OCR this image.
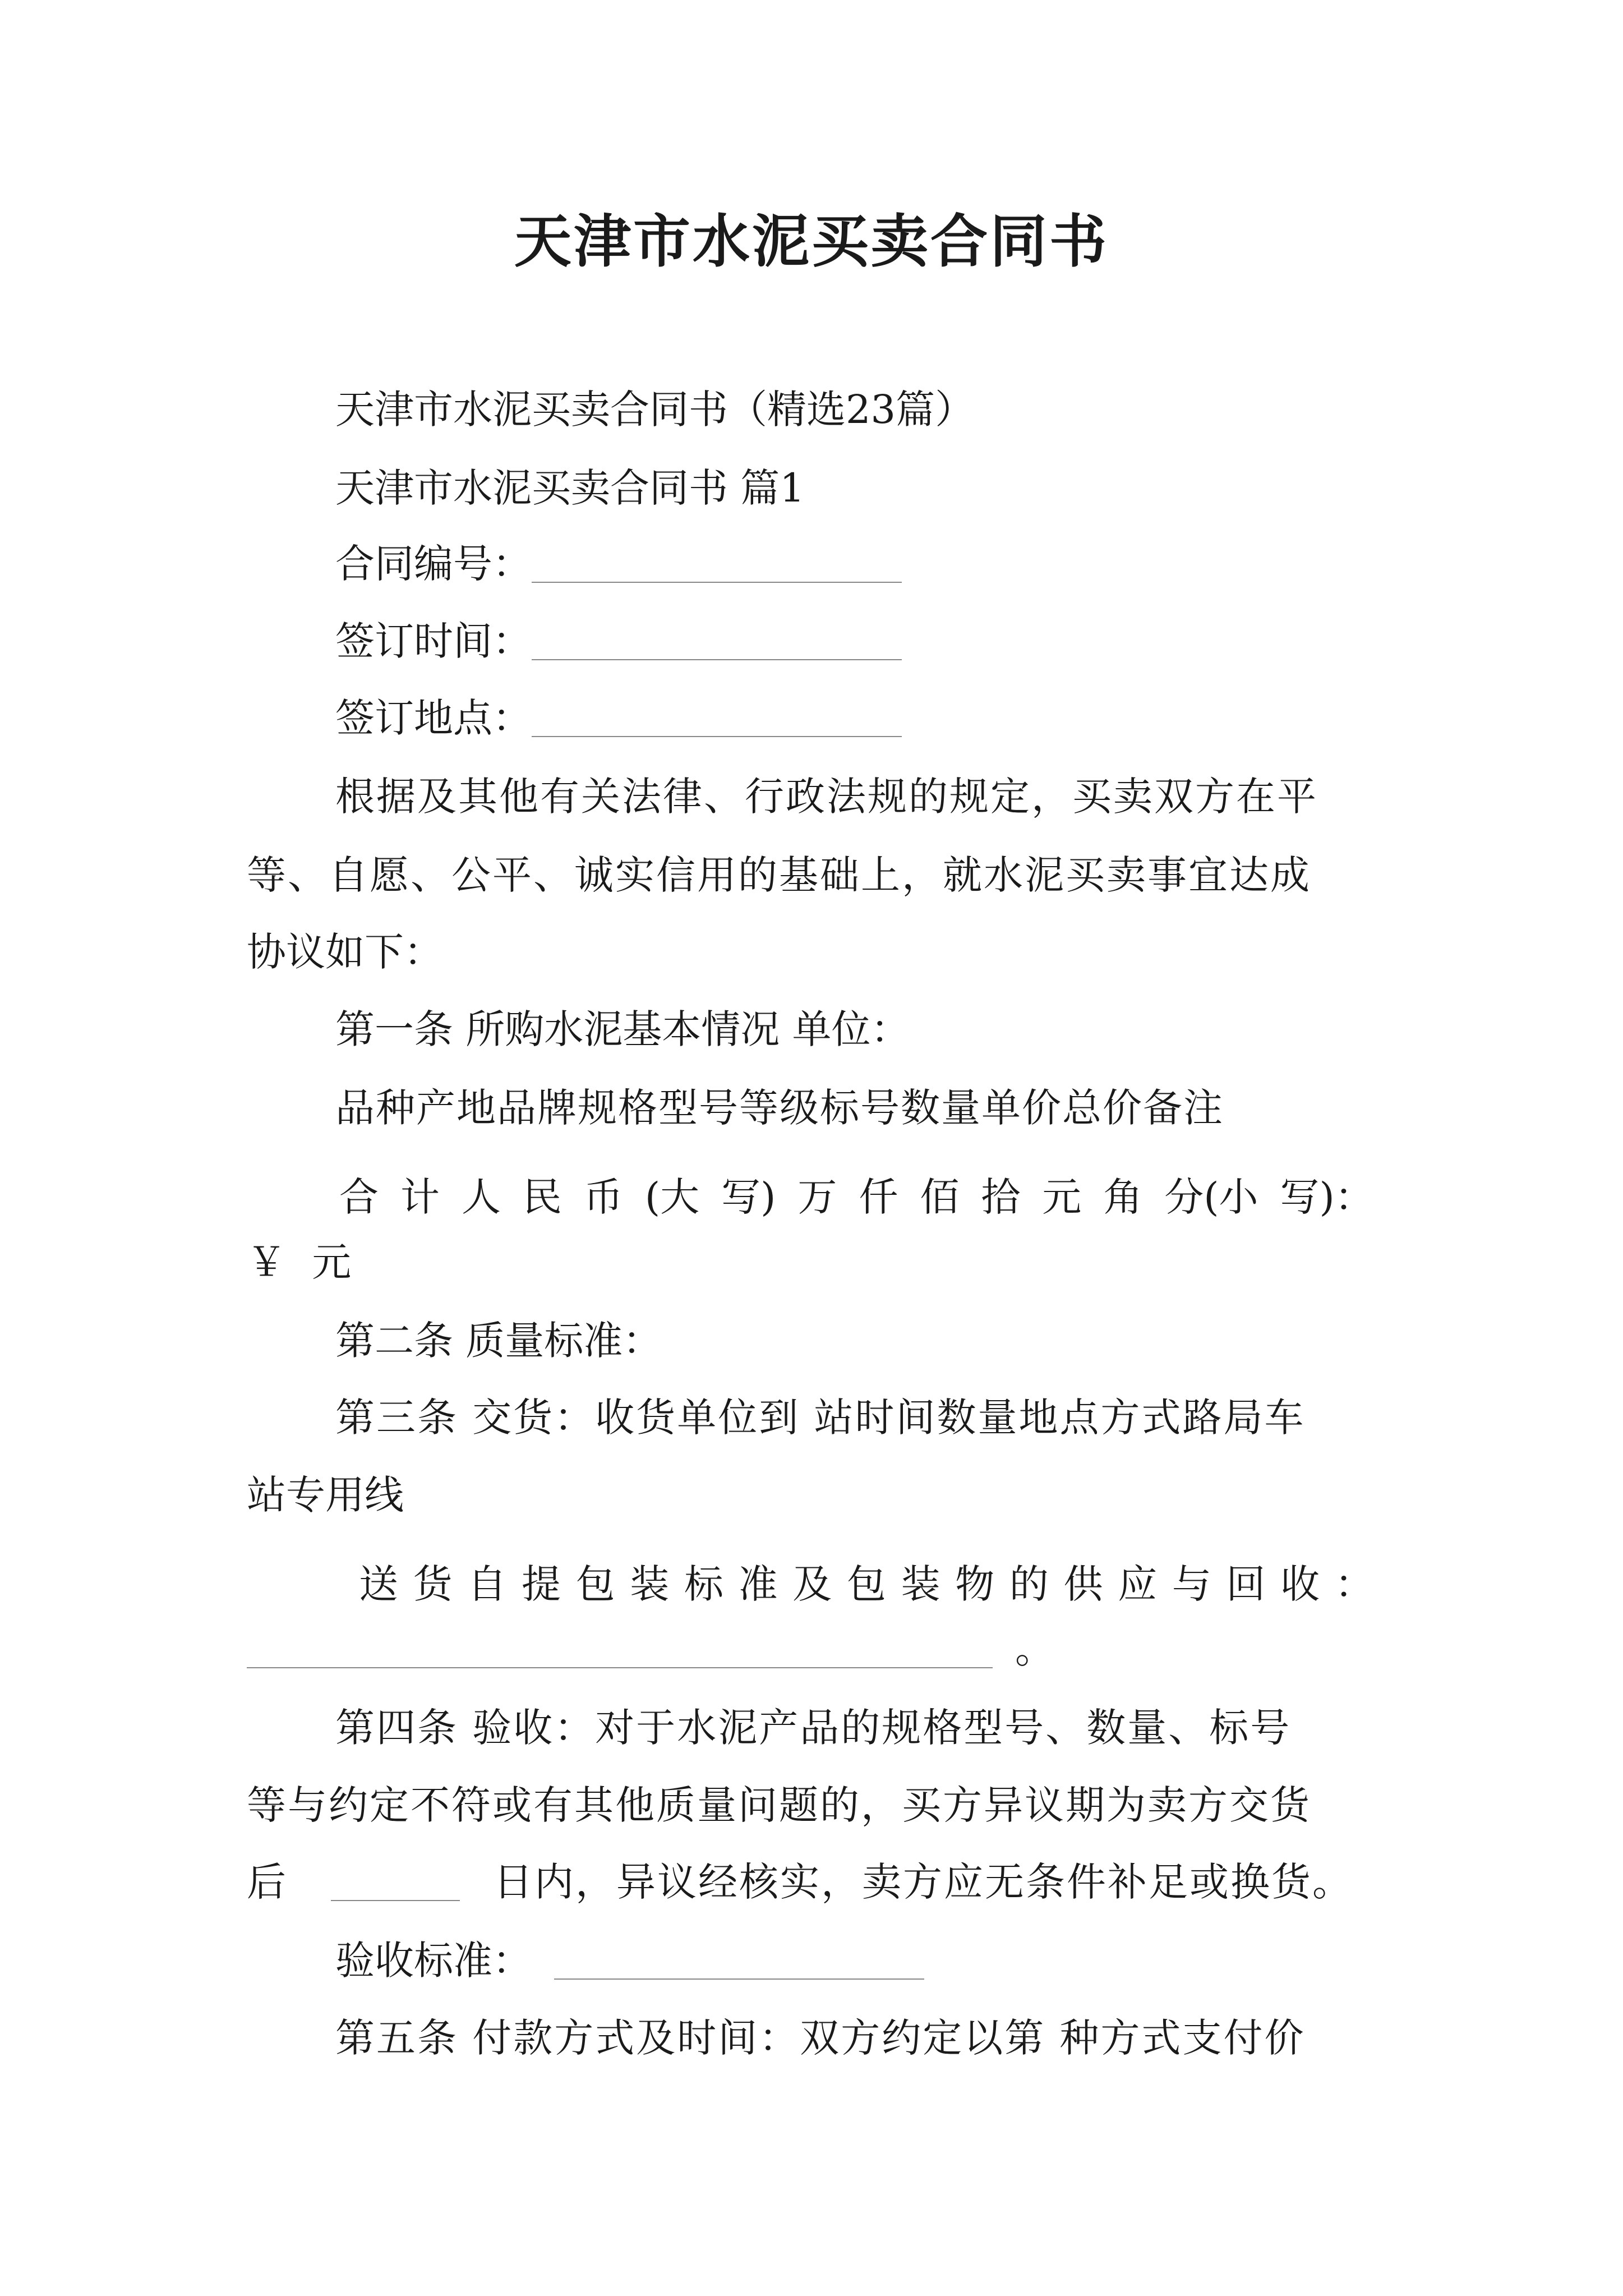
天津市水泥买卖合同书
天津市水泥买卖合同书（精选23篇）
天津市水泥买卖合同书 篇1
合同编号：
签订时间：
签订地点：
根据及其他有关法律、行政法规的规定，买卖双方在平
等、自愿、公平、诚实信用的基础上，就水泥买卖事宜达成
协议如下：
第一条 所购水泥基本情况 单位：
品种产地品牌规格型号等级标号数量单价总价备注
合 计 人 民 币 (大 写) 万 仟 佰 拾 元 角 分(小 写)：
￥ 元
第二条 质量标准：
第三条 交货：收货单位到 站时间数量地点方式路局车
站专用线
送 货 自 提 包 装 标 准 及 包 装 物 的 供 应 与 回 收 ：
。
第四条 验收：对于水泥产品的规格型号、数量、标号
等与约定不符或有其他质量问题的，买方异议期为卖方交货
后	日内，异议经核实，卖方应无条件补足或换货。
验收标准：
第五条 付款方式及时间：双方约定以第 种方式支付价
